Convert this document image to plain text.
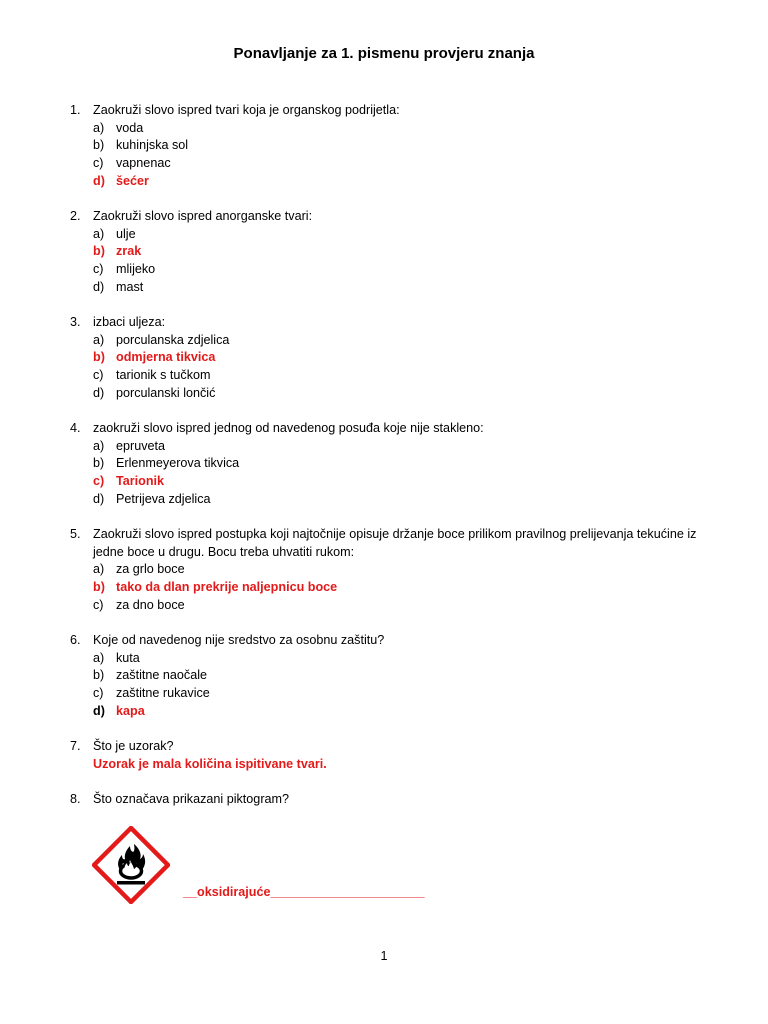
Ponavljanje za 1. pismenu provjeru znanja
1. Zaokruži slovo ispred tvari koja je organskog podrijetla:
a) voda
b) kuhinjska sol
c) vapnenac
d) šećer
2. Zaokruži slovo ispred anorganske tvari:
a) ulje
b) zrak
c) mlijeko
d) mast
3. izbaci uljeza:
a) porculanska zdjelica
b) odmjerna tikvica
c) tarionik s tučkom
d) porculanski lončić
4. zaokruži slovo ispred jednog od navedenog posuđa koje nije stakleno:
a) epruveta
b) Erlenmeyerova tikvica
c) Tarionik
d) Petrijeva zdjelica
5. Zaokruži slovo ispred postupka koji najtočnije opisuje držanje boce prilikom pravilnog prelijevanja tekućine iz jedne boce u drugu. Bocu treba uhvatiti rukom:
a) za grlo boce
b) tako da dlan prekrije naljepnicu boce
c) za dno boce
6. Koje od navedenog nije sredstvo za osobnu zaštitu?
a) kuta
b) zaštitne naočale
c) zaštitne rukavice
d) kapa
7. Što je uzorak?
Uzorak je mala količina ispitivane tvari.
8. Što označava prikazani piktogram?
__oksidirajuće______________________
1
